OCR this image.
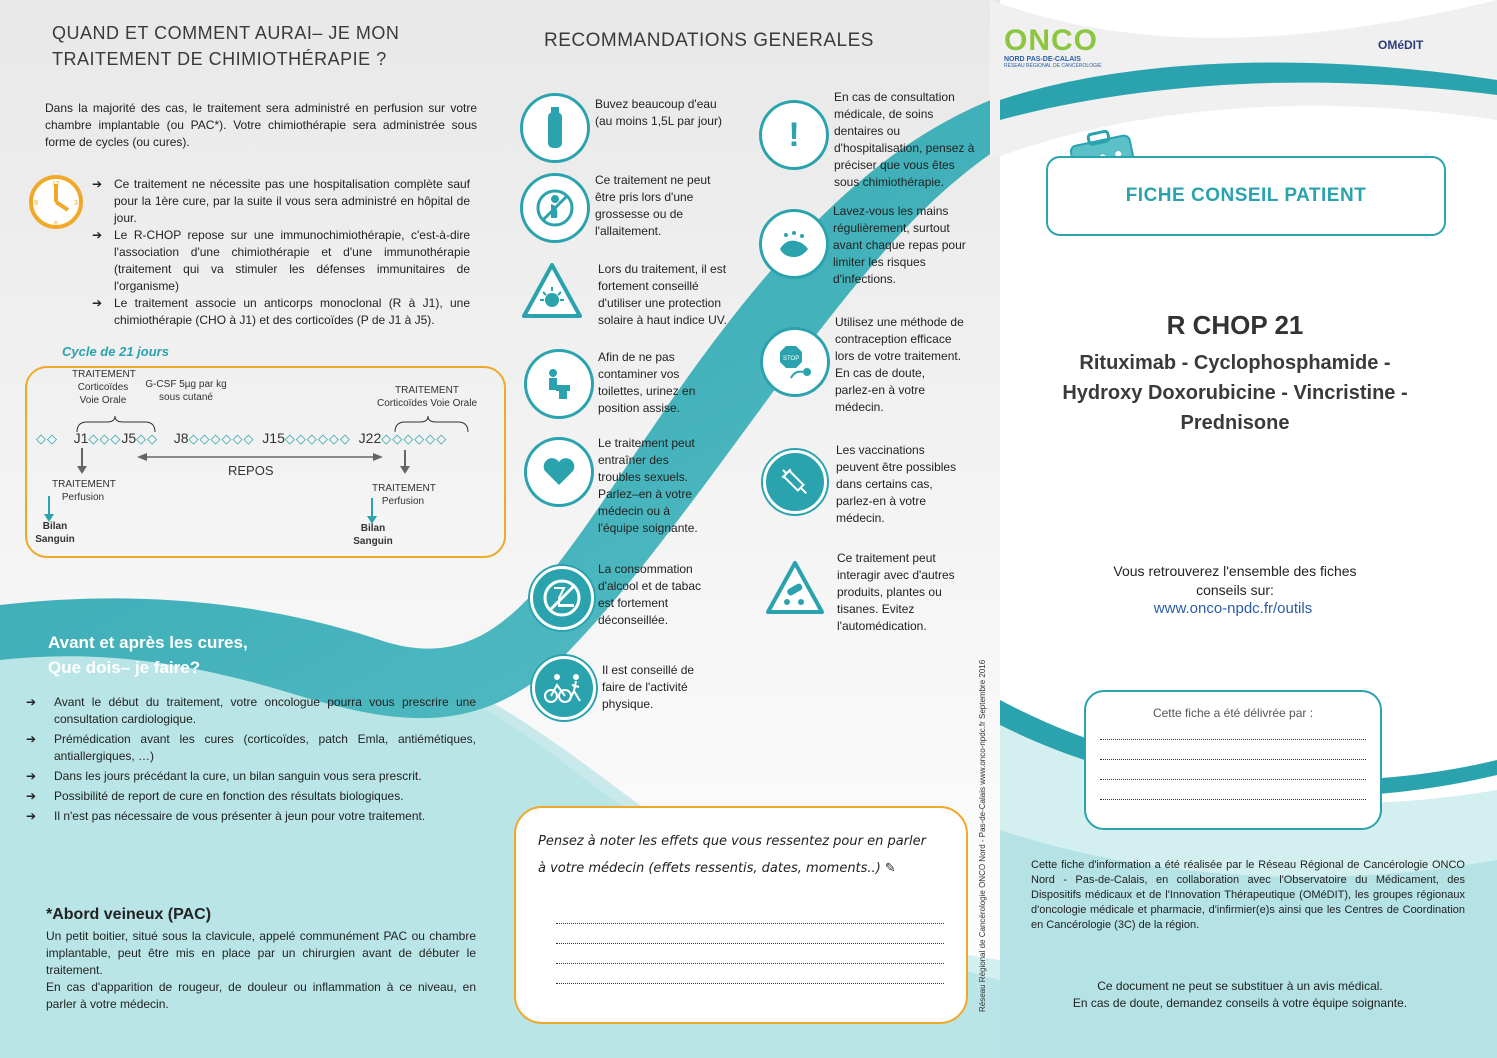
QUAND ET COMMENT AURAI– JE MON
TRAITEMENT DE CHIMIOTHÉRAPIE ?
Dans la majorité des cas, le traitement sera administré en perfusion sur votre chambre implantable (ou PAC*). Votre chimiothérapie sera administrée sous forme de cycles (ou cures).
12
9	3
6
➔ Ce traitement ne nécessite pas une hospitalisation complète sauf pour la 1ère cure, par la suite il vous sera administré en hôpital de jour.
➔ Le R-CHOP repose sur une immunochimiothérapie, c'est-à-dire l'association d'une chimiothérapie et d'une immunothérapie (traitement qui va stimuler les défenses immunitaires de l'organisme)
➔ Le traitement associe un anticorps monoclonal (R à J1), une chimiothérapie (CHO à J1) et des corticoïdes (P de J1 à J5).
Cycle de 21 jours
TRAITEMENT
Corticoïdes
Voie Orale
G-CSF 5µg par kg
sous cutané
TRAITEMENT
Corticoïdes Voie Orale
◇◇ J1◇◇◇J5◇◇ J8◇◇◇◇◇◇ J15◇◇◇◇◇◇ J22◇◇◇◇◇◇
REPOS
TRAITEMENT
Perfusion
TRAITEMENT
Perfusion
Bilan
Sanguin
Bilan
Sanguin
Avant et après les cures,
Que dois– je faire?
➔ Avant le début du traitement, votre oncologue pourra vous prescrire une consultation cardiologique.
➔ Prémédication avant les cures (corticoïdes, patch Emla, antiémétiques, antiallergiques, …)
➔ Dans les jours précédant la cure, un bilan sanguin vous sera prescrit.
➔ Possibilité de report de cure en fonction des résultats biologiques.
➔ Il n'est pas nécessaire de vous présenter à jeun pour votre traitement.
*Abord veineux (PAC)
Un petit boitier, situé sous la clavicule, appelé communément PAC ou chambre implantable, peut être mis en place par un chirurgien avant de débuter le traitement.
En cas d'apparition de rougeur, de douleur ou inflammation à ce niveau, en parler à votre médecin.
RECOMMANDATIONS GENERALES
Buvez beaucoup d'eau (au moins 1,5L par jour)
Ce traitement ne peut être pris lors d'une grossesse ou de l'allaitement.
Lors du traitement, il est fortement conseillé d'utiliser une protection solaire à haut indice UV.
Afin de ne pas contaminer vos toilettes, urinez en position assise.
Le traitement peut entraîner des troubles sexuels. Parlez–en à votre médecin ou à l'équipe soignante.
La consommation d'alcool et de tabac est fortement déconseillée.
Il est conseillé de faire de l'activité physique.
!
En cas de consultation médicale, de soins dentaires ou d'hospitalisation, pensez à préciser que vous êtes sous chimiothérapie.
Lavez-vous les mains régulièrement, surtout avant chaque repas pour limiter les risques d'infections.
STOP
Utilisez une méthode de contraception efficace lors de votre traitement. En cas de doute, parlez-en à votre médecin.
Les vaccinations peuvent être possibles dans certains cas, parlez-en à votre médecin.
Ce traitement peut interagir avec d'autres produits, plantes ou tisanes. Evitez l'automédication.
Pensez à noter les effets que vous ressentez pour en parler
à votre médecin (effets ressentis, dates, moments..) ✎	Réseau Régional de Cancérologie ONCO Nord - Pas-de-Calais www.onco-npdc.fr Septembre 2016
ONCO
NORD PAS-DE-CALAIS
RÉSEAU RÉGIONAL DE CANCÉROLOGIE
OMéDIT
FICHE CONSEIL PATIENT
R CHOP 21
Rituximab - Cyclophosphamide -
Hydroxy Doxorubicine - Vincristine -
Prednisone
Vous retrouverez l'ensemble des fiches
conseils sur:
www.onco-npdc.fr/outils
Cette fiche a été délivrée par :
Cette fiche d'information a été réalisée par le Réseau Régional de Cancérologie ONCO Nord - Pas-de-Calais, en collaboration avec l'Observatoire du Médicament, des Dispositifs médicaux et de l'Innovation Thérapeutique (OMéDIT), les groupes régionaux d'oncologie médicale et pharmacie, d'infirmier(e)s ainsi que les Centres de Coordination en Cancérologie (3C) de la région.
Ce document ne peut se substituer à un avis médical.
En cas de doute, demandez conseils à votre équipe soignante.
